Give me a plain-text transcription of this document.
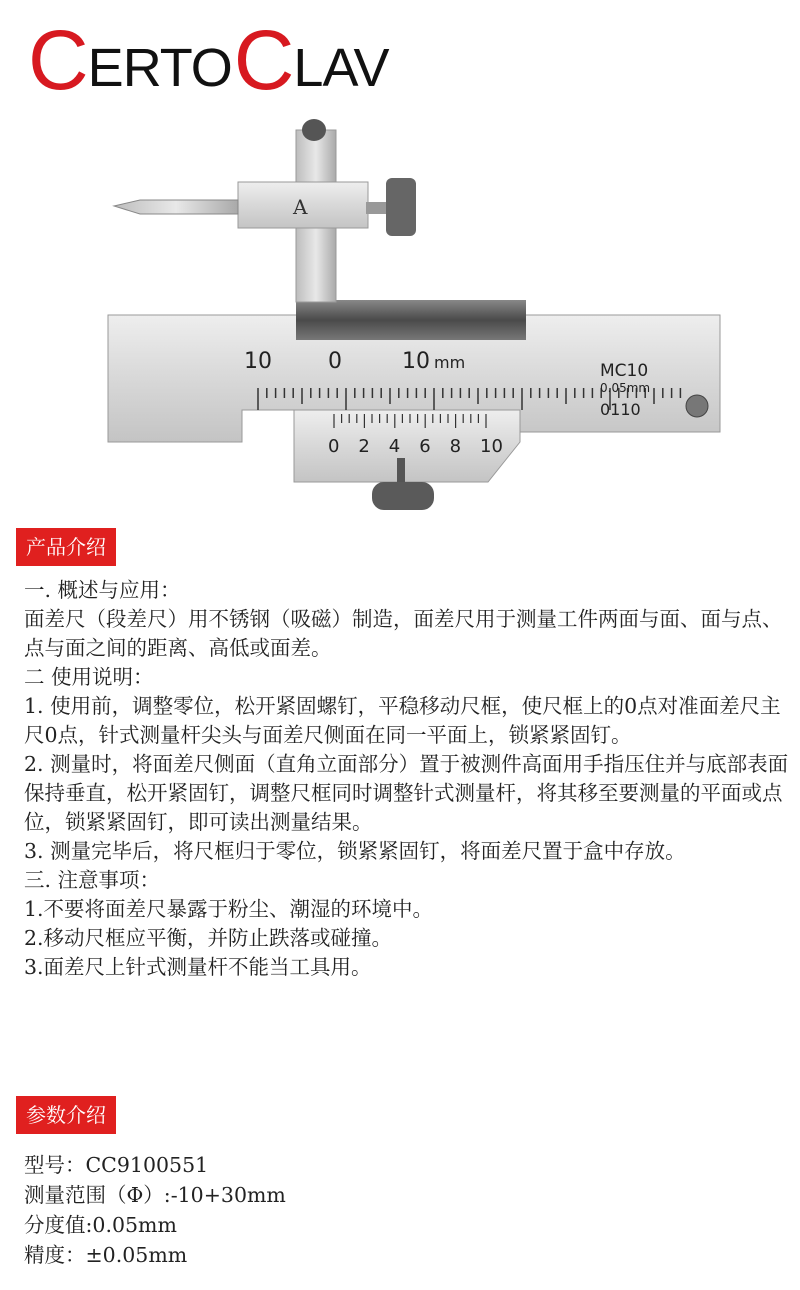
C ERTO C LAV
A
10	0	10 mm	MC10
0.05mm
0110
0 2 4 6 8 10
产品介绍

一. 概述与应用：

面差尺（段差尺）用不锈钢（吸磁）制造，面差尺用于测量工件两面与面、面与点、点与面之间的距离、高低或面差。

二 使用说明：

1. 使用前，调整零位，松开紧固螺钉，平稳移动尺框，使尺框上的0点对准面差尺主尺0点，针式测量杆尖头与面差尺侧面在同一平面上，锁紧紧固钉。

2. 测量时，将面差尺侧面（直角立面部分）置于被测件高面用手指压住并与底部表面保持垂直，松开紧固钉，调整尺框同时调整针式测量杆，将其移至要测量的平面或点位，锁紧紧固钉，即可读出测量结果。

3. 测量完毕后，将尺框归于零位，锁紧紧固钉，将面差尺置于盒中存放。

三. 注意事项：

1.不要将面差尺暴露于粉尘、潮湿的环境中。

2.移动尺框应平衡，并防止跌落或碰撞。

3.面差尺上针式测量杆不能当工具用。

参数介绍

型号：CC9100551

测量范围（Φ）:-10+30mm

分度值:0.05mm

精度：±0.05mm
